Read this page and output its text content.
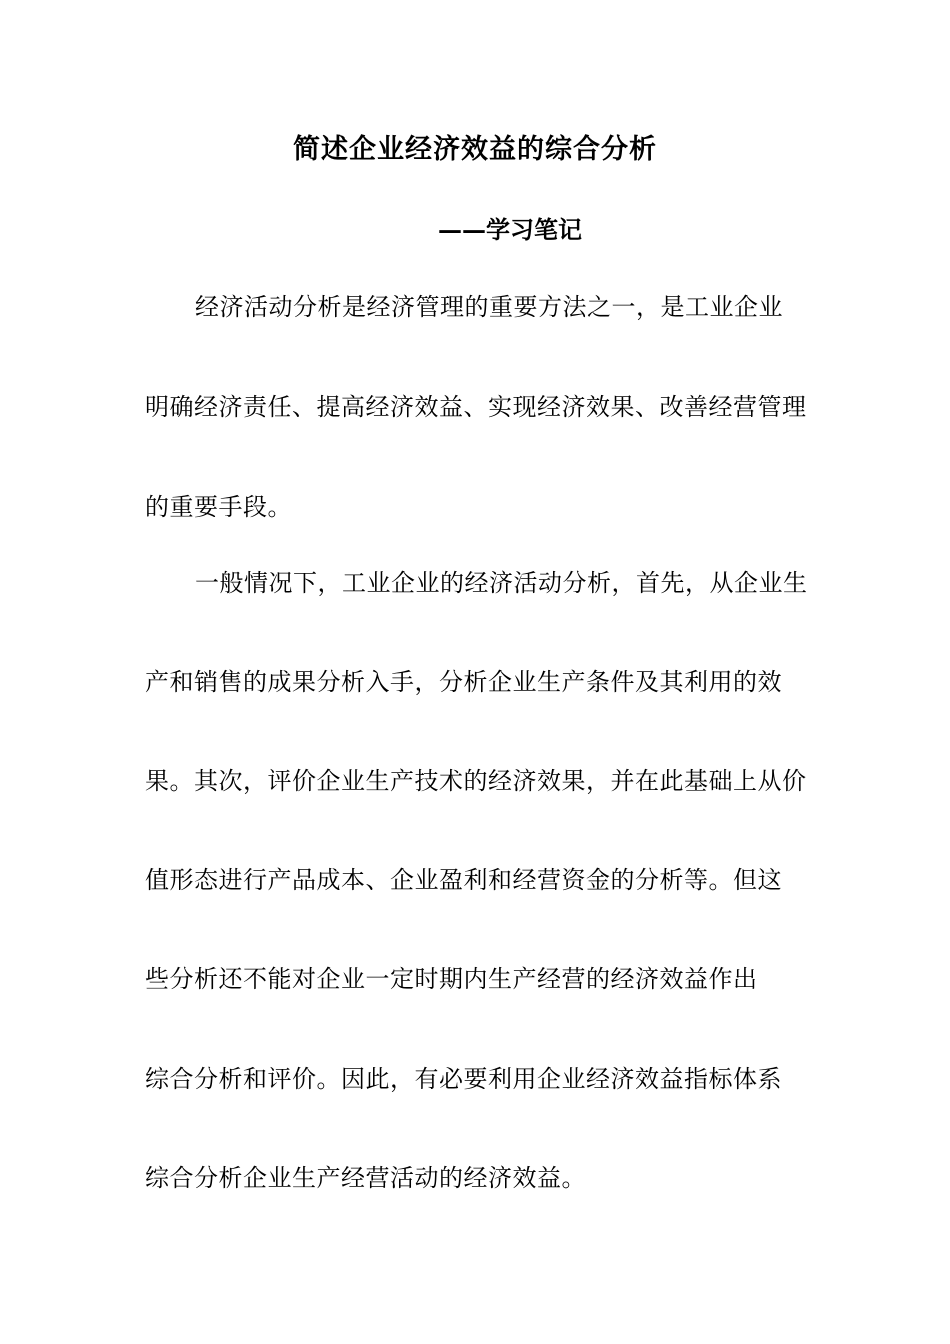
简述企业经济效益的综合分析
——学习笔记
经济活动分析是经济管理的重要方法之一，是工业企业
明确经济责任、提高经济效益、实现经济效果、改善经营管理
的重要手段。
一般情况下，工业企业的经济活动分析，首先，从企业生
产和销售的成果分析入手，分析企业生产条件及其利用的效
果。其次，评价企业生产技术的经济效果，并在此基础上从价
值形态进行产品成本、企业盈利和经营资金的分析等。但这
些分析还不能对企业一定时期内生产经营的经济效益作出
综合分析和评价。因此，有必要利用企业经济效益指标体系
综合分析企业生产经营活动的经济效益。
